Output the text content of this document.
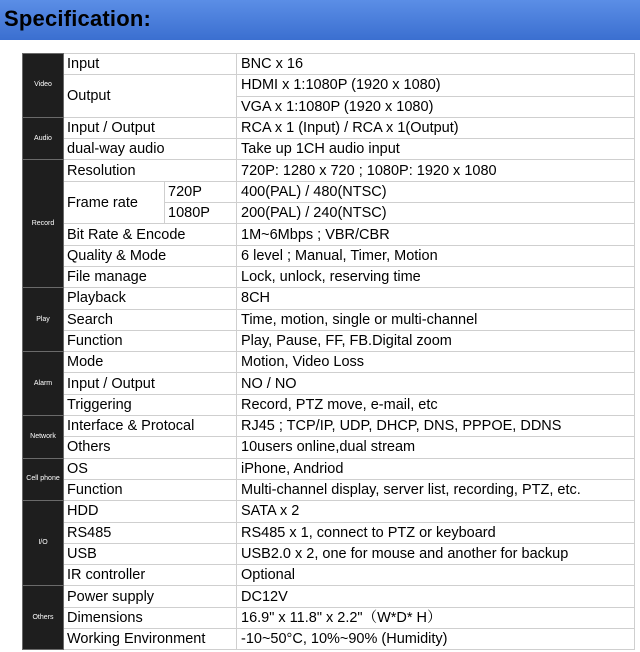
Specification:
Video	Input		BNC x 16
	Output		HDMI x 1:1080P (1920 x 1080)
			VGA x 1:1080P (1920 x 1080)
Audio	Input / Output		RCA x 1 (Input) / RCA x 1(Output)
	dual-way audio		Take up 1CH audio input
Record	Resolution		720P: 1280 x 720 ; 1080P: 1920 x 1080
	Frame rate	720P	400(PAL) / 480(NTSC)
		1080P	200(PAL) / 240(NTSC)
	Bit Rate & Encode		1M~6Mbps ; VBR/CBR
	Quality & Mode		6 level ; Manual, Timer, Motion
	File manage		Lock, unlock, reserving time
Play	Playback		8CH
	Search		Time, motion, single or multi-channel
	Function		Play, Pause, FF, FB.Digital zoom
Alarm	Mode		Motion, Video Loss
	Input / Output		NO / NO
	Triggering		Record, PTZ move, e-mail, etc
Network	Interface & Protocal		RJ45 ; TCP/IP, UDP, DHCP, DNS, PPPOE, DDNS
	Others		10users online,dual stream
Cell phone	OS		iPhone, Andriod
	Function		Multi-channel display, server list, recording, PTZ, etc.
I/O	HDD		SATA x 2
	RS485		RS485 x 1, connect to PTZ or keyboard
	USB		USB2.0 x 2, one for mouse and another for backup
	IR controller		Optional
Others	Power supply		DC12V
	Dimensions		16.9" x 11.8" x 2.2"（W*D* H）
	Working Environment		-10~50°C, 10%~90% (Humidity)
